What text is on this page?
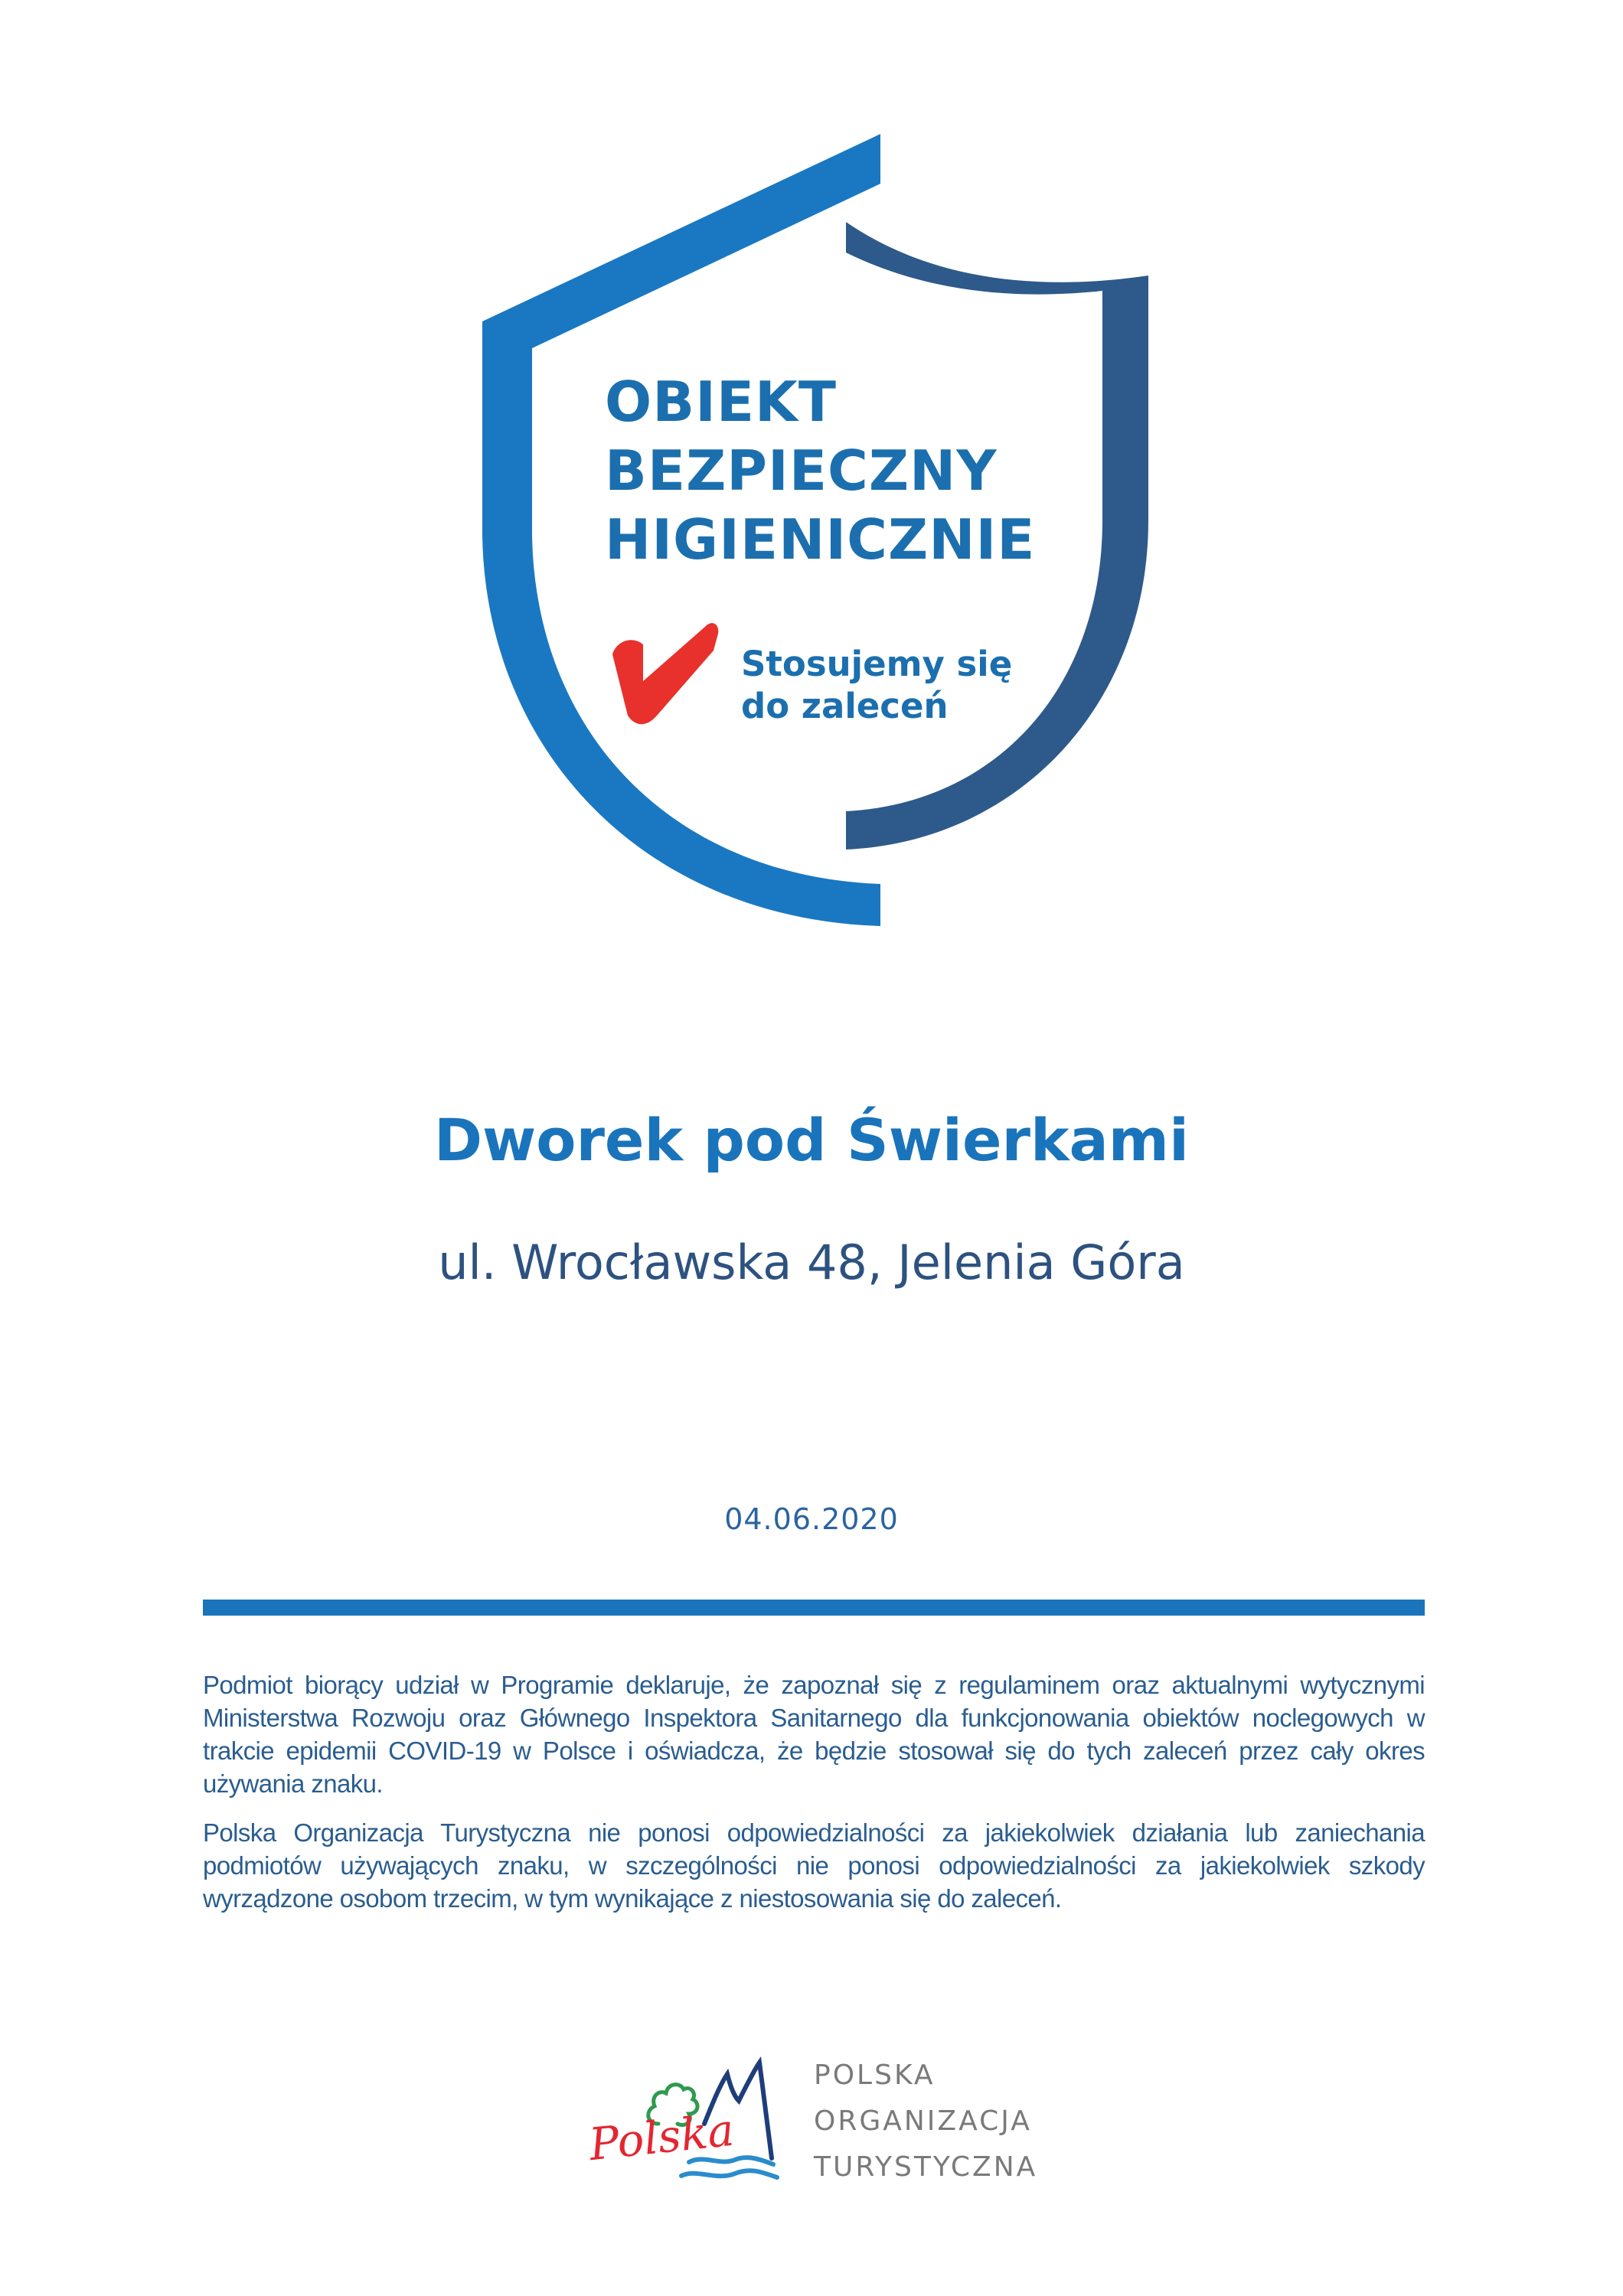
OBIEKT
BEZPIECZNY
HIGIENICZNIE
Stosujemy się
do zaleceń
Dworek pod Świerkami
ul. Wrocławska 48, Jelenia Góra
04.06.2020

Podmiot biorący udział w Programie deklaruje, że zapoznał się z regulaminem oraz aktualnymi wytycznymi Ministerstwa Rozwoju oraz Głównego Inspektora Sanitarnego dla funkcjonowania obiektów noclegowych w trakcie epidemii COVID-19 w Polsce i oświadcza, że będzie stosował się do tych zaleceń przez cały okres używania znaku.

Polska Organizacja Turystyczna nie ponosi odpowiedzialności za jakiekolwiek działania lub zaniechania podmiotów używających znaku, w szczególności nie ponosi odpowiedzialności za jakiekolwiek szkody wyrządzone osobom trzecim, w tym wynikające z niestosowania się do zaleceń.

Polska
POLSKA
ORGANIZACJA
TURYSTYCZNA
